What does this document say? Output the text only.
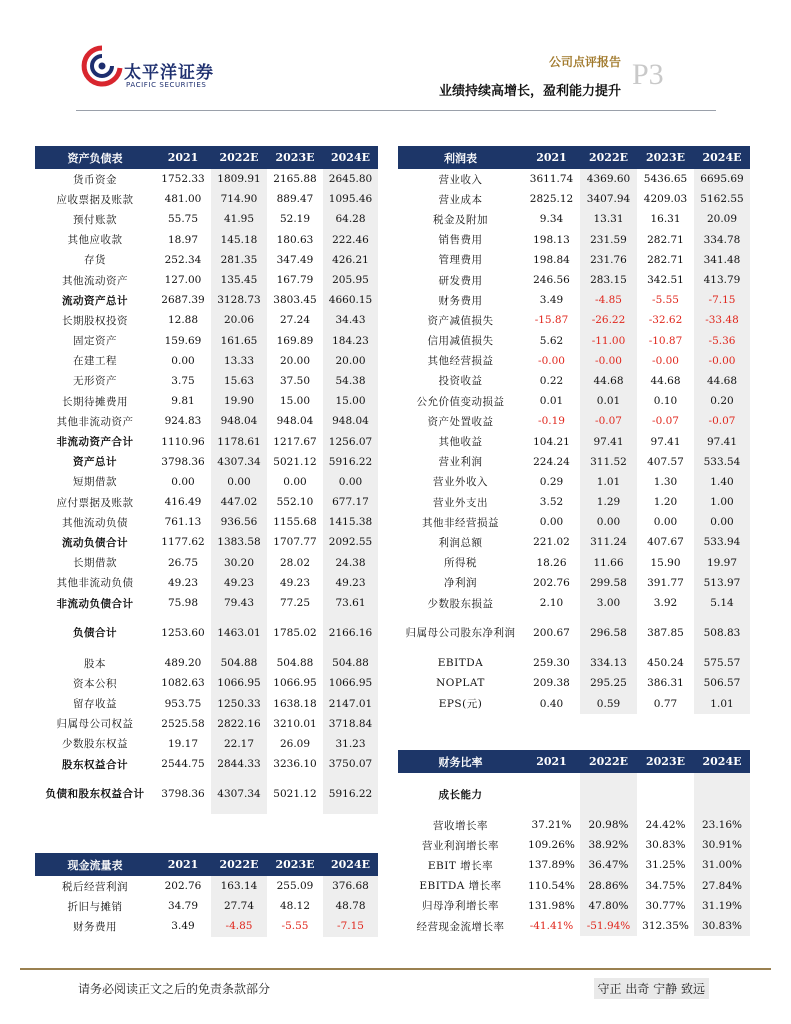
太平洋证券
PACIFIC SECURITIES
公司点评报告
业绩持续高增长，盈利能力提升
P3
资产负债表	2021	2022E	2023E	2024E
货币资金	1752.33	1809.91	2165.88	2645.80
应收票据及账款	481.00	714.90	889.47	1095.46
预付账款	55.75	41.95	52.19	64.28
其他应收款	18.97	145.18	180.63	222.46
存货	252.34	281.35	347.49	426.21
其他流动资产	127.00	135.45	167.79	205.95
流动资产总计	2687.39	3128.73	3803.45	4660.15
长期股权投资	12.88	20.06	27.24	34.43
固定资产	159.69	161.65	169.89	184.23
在建工程	0.00	13.33	20.00	20.00
无形资产	3.75	15.63	37.50	54.38
长期待摊费用	9.81	19.90	15.00	15.00
其他非流动资产	924.83	948.04	948.04	948.04
非流动资产合计	1110.96	1178.61	1217.67	1256.07
资产总计	3798.36	4307.34	5021.12	5916.22
短期借款	0.00	0.00	0.00	0.00
应付票据及账款	416.49	447.02	552.10	677.17
其他流动负债	761.13	936.56	1155.68	1415.38
流动负债合计	1177.62	1383.58	1707.77	2092.55
长期借款	26.75	30.20	28.02	24.38
其他非流动负债	49.23	49.23	49.23	49.23
非流动负债合计	75.98	79.43	77.25	73.61
负债合计	1253.60	1463.01	1785.02	2166.16
股本	489.20	504.88	504.88	504.88
资本公积	1082.63	1066.95	1066.95	1066.95
留存收益	953.75	1250.33	1638.18	2147.01
归属母公司权益	2525.58	2822.16	3210.01	3718.84
少数股东权益	19.17	22.17	26.09	31.23
股东权益合计	2544.75	2844.33	3236.10	3750.07
负债和股东权益合计	3798.36	4307.34	5021.12	5916.22
利润表	2021	2022E	2023E	2024E
营业收入	3611.74	4369.60	5436.65	6695.69
营业成本	2825.12	3407.94	4209.03	5162.55
税金及附加	9.34	13.31	16.31	20.09
销售费用	198.13	231.59	282.71	334.78
管理费用	198.84	231.76	282.71	341.48
研发费用	246.56	283.15	342.51	413.79
财务费用	3.49	-4.85	-5.55	-7.15
资产减值损失	-15.87	-26.22	-32.62	-33.48
信用减值损失	5.62	-11.00	-10.87	-5.36
其他经营损益	-0.00	-0.00	-0.00	-0.00
投资收益	0.22	44.68	44.68	44.68
公允价值变动损益	0.01	0.01	0.10	0.20
资产处置收益	-0.19	-0.07	-0.07	-0.07
其他收益	104.21	97.41	97.41	97.41
营业利润	224.24	311.52	407.57	533.54
营业外收入	0.29	1.01	1.30	1.40
营业外支出	3.52	1.29	1.20	1.00
其他非经营损益	0.00	0.00	0.00	0.00
利润总额	221.02	311.24	407.67	533.94
所得税	18.26	11.66	15.90	19.97
净利润	202.76	299.58	391.77	513.97
少数股东损益	2.10	3.00	3.92	5.14
归属母公司股东净利润	200.67	296.58	387.85	508.83
EBITDA	259.30	334.13	450.24	575.57
NOPLAT	209.38	295.25	386.31	506.57
EPS(元)	0.40	0.59	0.77	1.01
现金流量表	2021	2022E	2023E	2024E
税后经营利润	202.76	163.14	255.09	376.68
折旧与摊销	34.79	27.74	48.12	48.78
财务费用	3.49	-4.85	-5.55	-7.15
财务比率	2021	2022E	2023E	2024E
成长能力				
营收增长率	37.21%	20.98%	24.42%	23.16%
营业利润增长率	109.26%	38.92%	30.83%	30.91%
EBIT 增长率	137.89%	36.47%	31.25%	31.00%
EBITDA 增长率	110.54%	28.86%	34.75%	27.84%
归母净利增长率	131.98%	47.80%	30.77%	31.19%
经营现金流增长率	-41.41%	-51.94%	312.35%	30.83%
请务必阅读正文之后的免责条款部分	守正 出奇 宁静 致远
